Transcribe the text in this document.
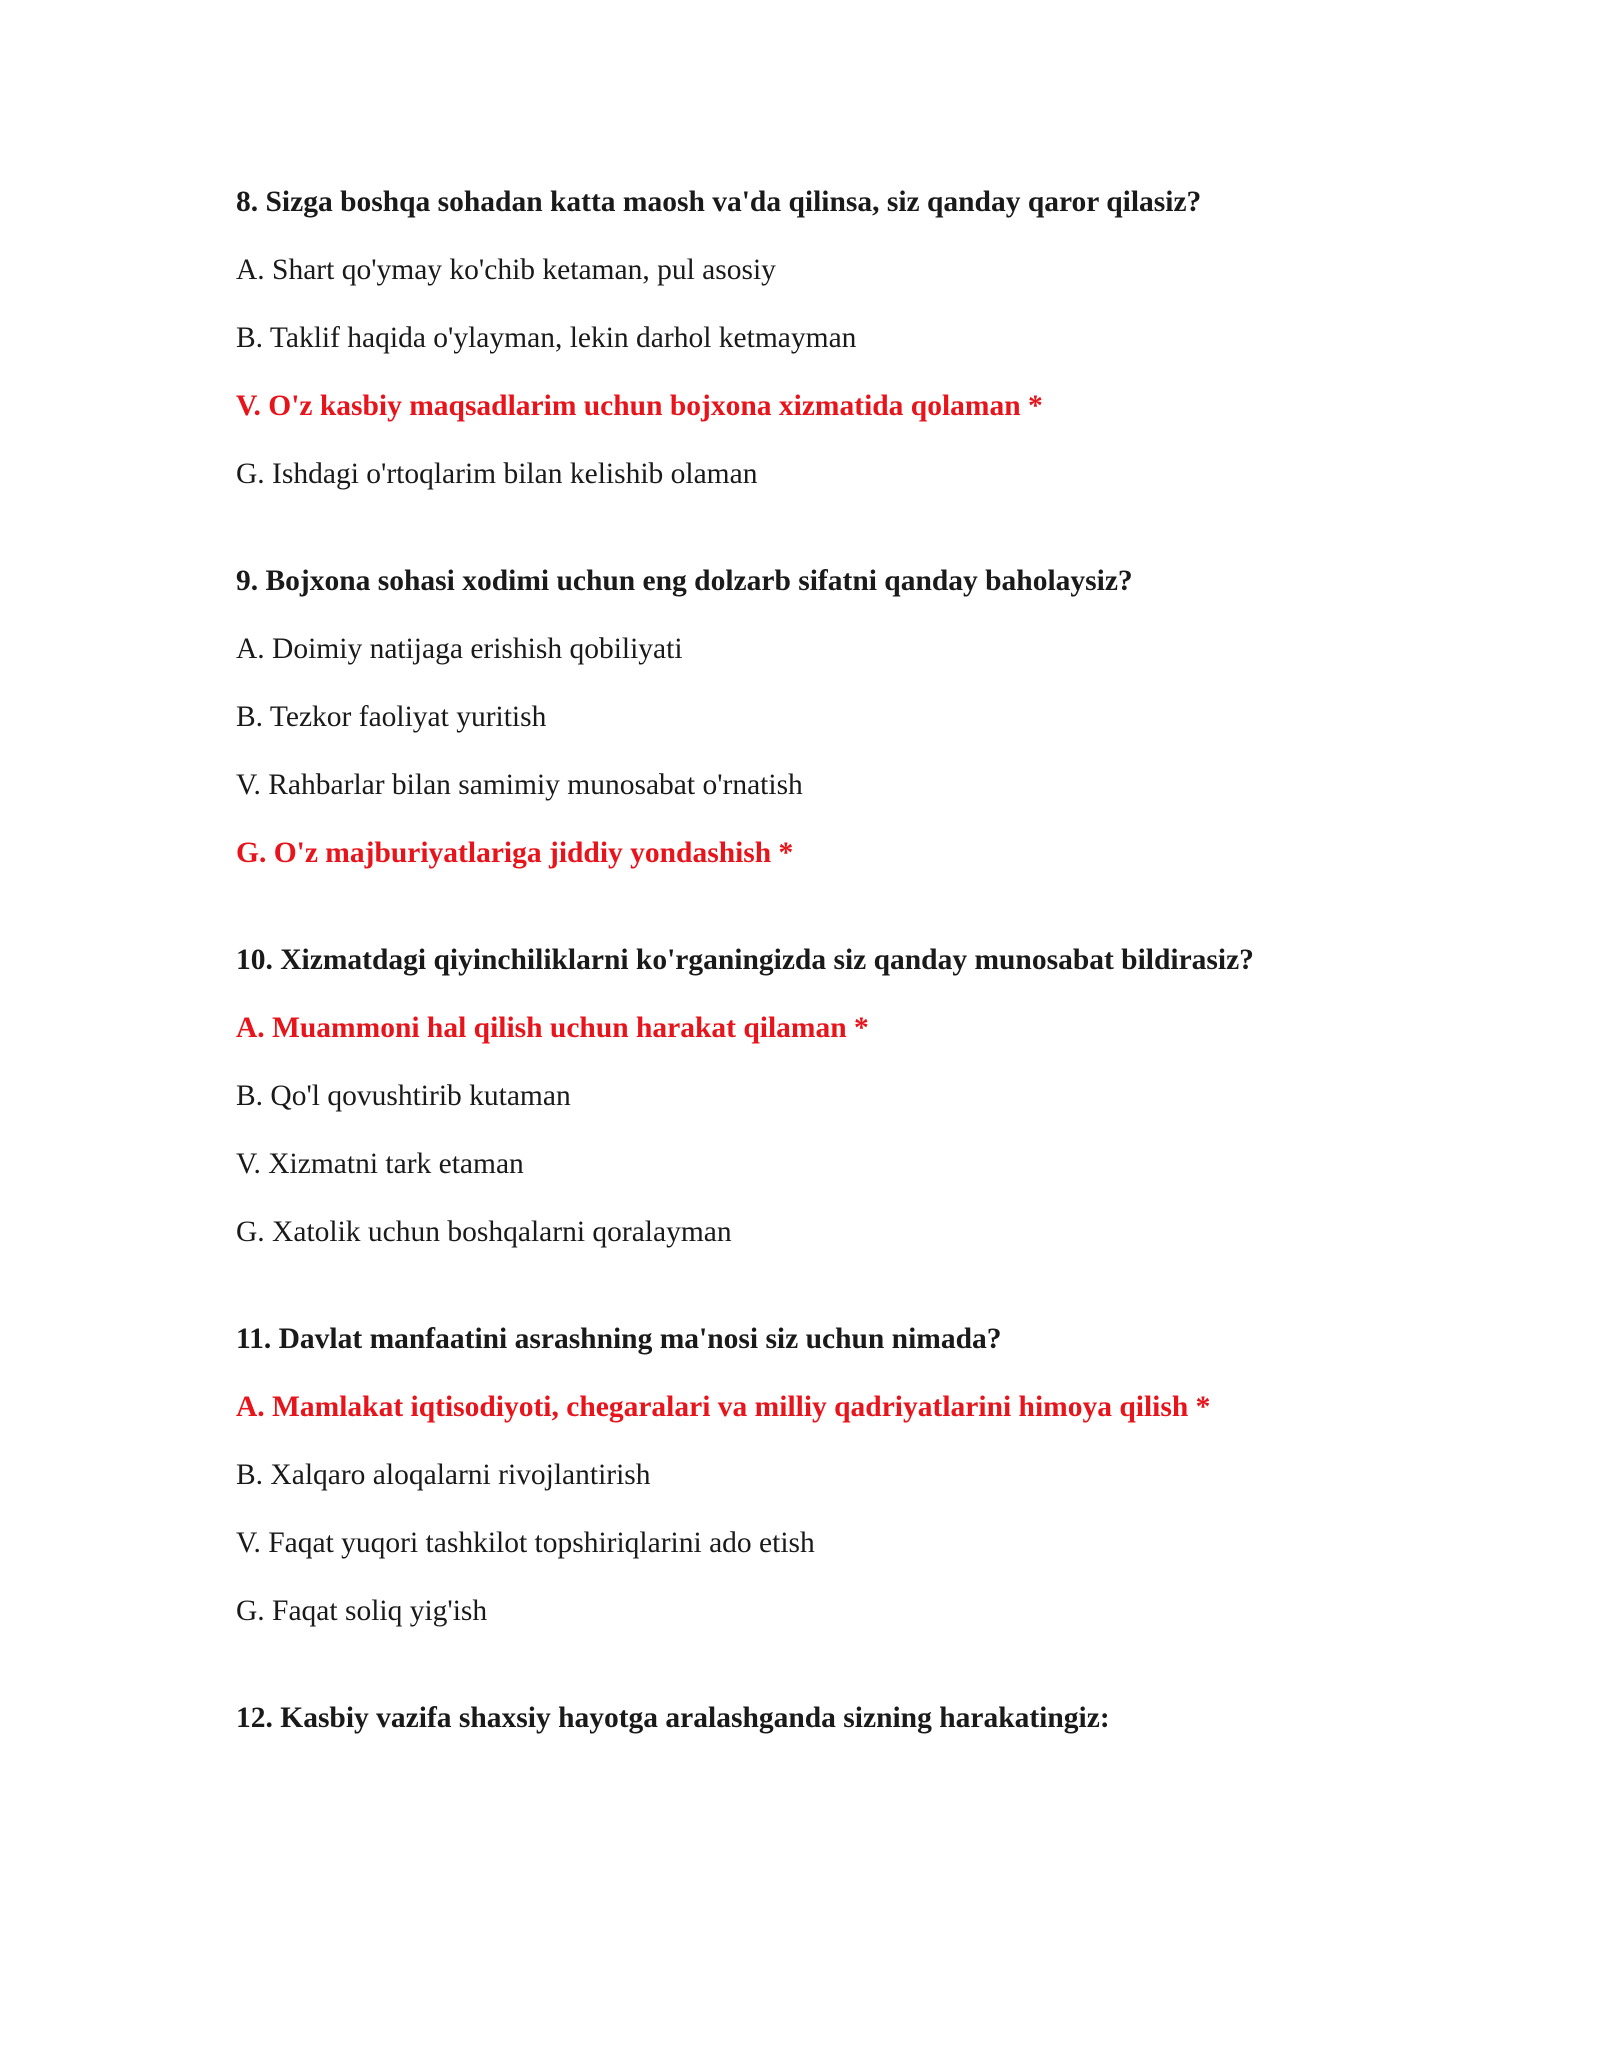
8. Sizga boshqa sohadan katta maosh va'da qilinsa, siz qanday qaror qilasiz?

A. Shart qo'ymay ko'chib ketaman, pul asosiy

B. Taklif haqida o'ylayman, lekin darhol ketmayman

V. O'z kasbiy maqsadlarim uchun bojxona xizmatida qolaman *

G. Ishdagi o'rtoqlarim bilan kelishib olaman

9. Bojxona sohasi xodimi uchun eng dolzarb sifatni qanday baholaysiz?

A. Doimiy natijaga erishish qobiliyati

B. Tezkor faoliyat yuritish

V. Rahbarlar bilan samimiy munosabat o'rnatish

G. O'z majburiyatlariga jiddiy yondashish *

10. Xizmatdagi qiyinchiliklarni ko'rganingizda siz qanday munosabat bildirasiz?

A. Muammoni hal qilish uchun harakat qilaman *

B. Qo'l qovushtirib kutaman

V. Xizmatni tark etaman

G. Xatolik uchun boshqalarni qoralayman

11. Davlat manfaatini asrashning ma'nosi siz uchun nimada?

A. Mamlakat iqtisodiyoti, chegaralari va milliy qadriyatlarini himoya qilish *

B. Xalqaro aloqalarni rivojlantirish

V. Faqat yuqori tashkilot topshiriqlarini ado etish

G. Faqat soliq yig'ish

12. Kasbiy vazifa shaxsiy hayotga aralashganda sizning harakatingiz:
